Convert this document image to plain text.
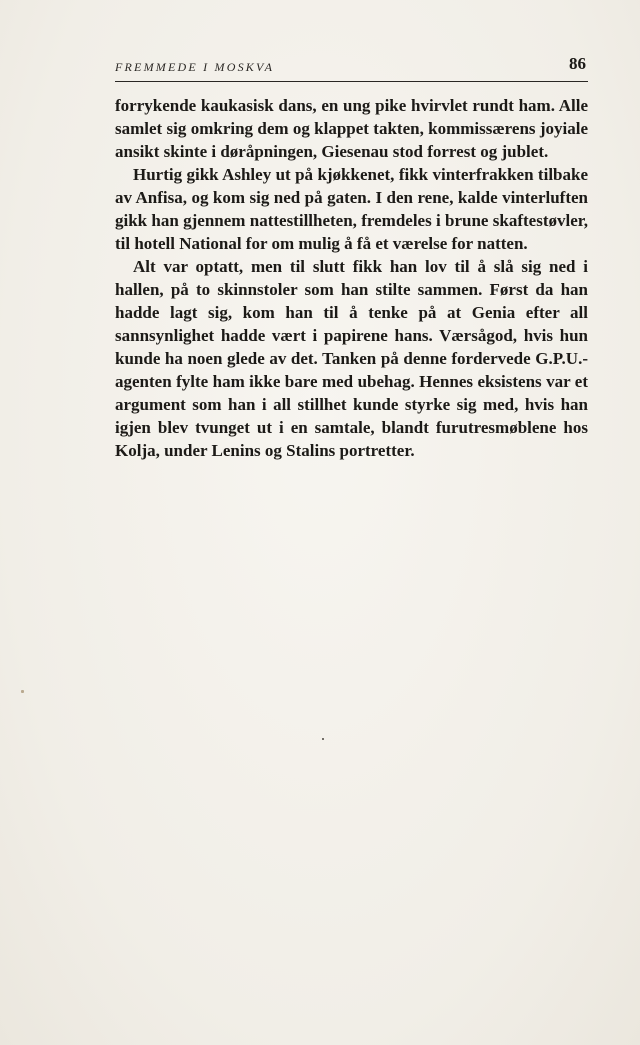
FREMMEDE I MOSKVA	86

forrykende kaukasisk dans, en ung pike hvirvlet rundt ham. Alle samlet sig omkring dem og klappet takten, kommissærens joyiale ansikt skinte i døråpningen, Giesenau stod forrest og jublet.

Hurtig gikk Ashley ut på kjøkkenet, fikk vinterfrakken tilbake av Anfisa, og kom sig ned på gaten. I den rene, kalde vinterluften gikk han gjennem nattestillheten, fremdeles i brune skaftestøvler, til hotell National for om mulig å få et værelse for natten.

Alt var optatt, men til slutt fikk han lov til å slå sig ned i hallen, på to skinnstoler som han stilte sammen. Først da han hadde lagt sig, kom han til å tenke på at Genia efter all sannsynlighet hadde vært i papirene hans. Værsågod, hvis hun kunde ha noen glede av det. Tanken på denne fordervede G.P.U.-agenten fylte ham ikke bare med ubehag. Hennes eksistens var et argument som han i all stillhet kunde styrke sig med, hvis han igjen blev tvunget ut i en samtale, blandt furutresmøblene hos Kolja, under Lenins og Stalins portretter.
